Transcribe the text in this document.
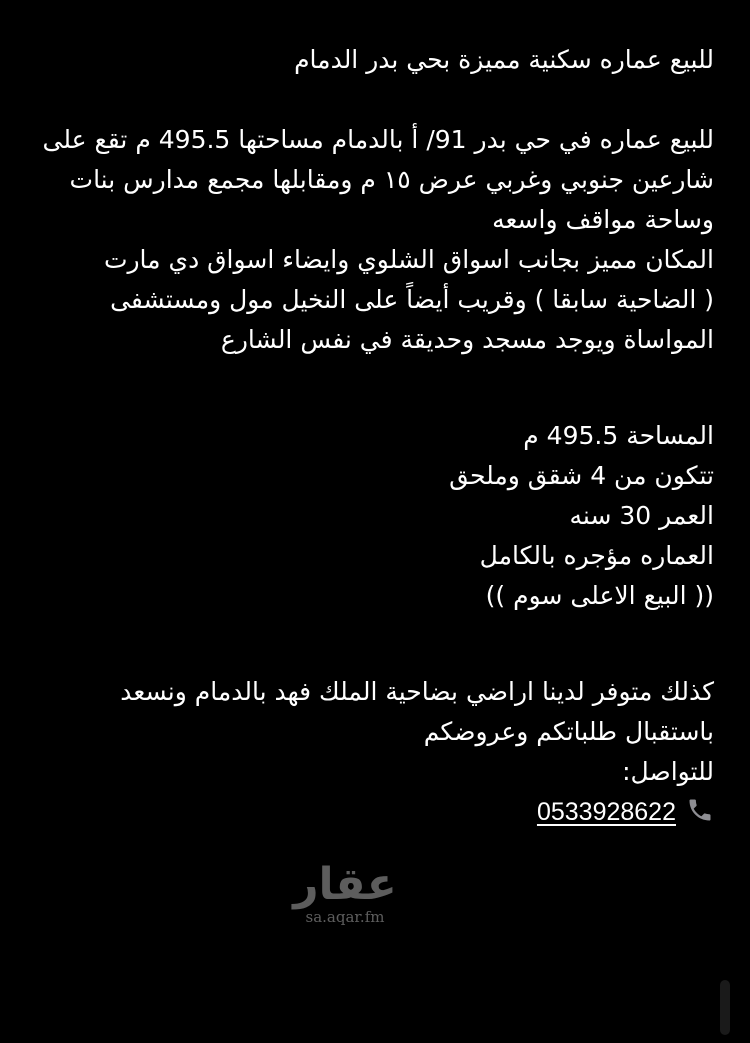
للبيع عماره سكنية مميزة بحي بدر الدمام
للبيع عماره في حي بدر 91/ أ بالدمام مساحتها 495.5 م تقع على
شارعين جنوبي وغربي عرض ١٥ م ومقابلها مجمع مدارس بنات
وساحة مواقف واسعه
المكان مميز بجانب اسواق الشلوي وايضاء اسواق دي مارت
( الضاحية سابقا ) وقريب أيضاً على النخيل مول ومستشفى
المواساة ويوجد مسجد وحديقة في نفس الشارع
المساحة 495.5 م
تتكون من 4 شقق وملحق
العمر 30 سنه
العماره مؤجره بالكامل
(( البيع الاعلى سوم ))
كذلك متوفر لدينا اراضي بضاحية الملك فهد بالدمام ونسعد
باستقبال طلباتكم وعروضكم
للتواصل:
0533928622
عقار
sa.aqar.fm
